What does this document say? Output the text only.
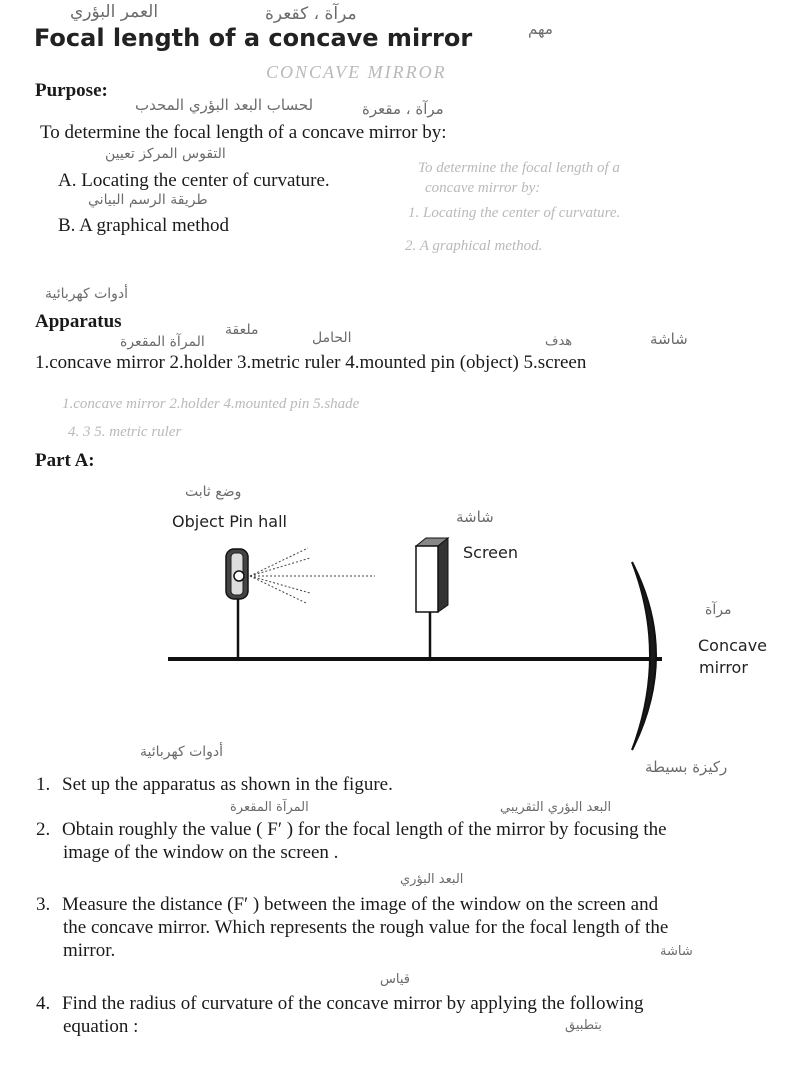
Focal length of a concave mirror
العمر البؤري	مرآة ، كقعرة
مهم
Purpose:
CONCAVE MIRROR
لحساب البعد البؤري المحدب	مرآة ، مقعرة
To determine the focal length of a concave mirror by:
التقوس المركز تعيين
A. Locating the center of curvature.
طريقة الرسم البياني
B. A graphical method
To determine the focal length of a
concave mirror by:
1. Locating the center of curvature.
2. A graphical method.
أدوات كهربائية
Apparatus	ملعقة	الحامل
المرآة المقعرة	شاشة
هدف
1.concave mirror 2.holder 3.metric ruler 4.mounted pin (object) 5.screen
1.concave mirror 2.holder 4.mounted pin 5.shade
4. 3 5. metric ruler
Part A:
وضع ثابت
شاشة
مرآة
Object Pin hall
Screen
Concave
mirror
أدوات كهربائية
ركيزة بسيطة
1. Set up the apparatus as shown in the figure.
البعد البؤري التقريبي
المرآة المقعرة
2. Obtain roughly the value ( F′ ) for the focal length of the mirror by focusing the
image of the window on the screen .
البعد البؤري
3. Measure the distance (F′ ) between the image of the window on the screen and
the concave mirror. Which represents the rough value for the focal length of the
mirror.	شاشة
قياس
4. Find the radius of curvature of the concave mirror by applying the following
equation :	بتطبيق
